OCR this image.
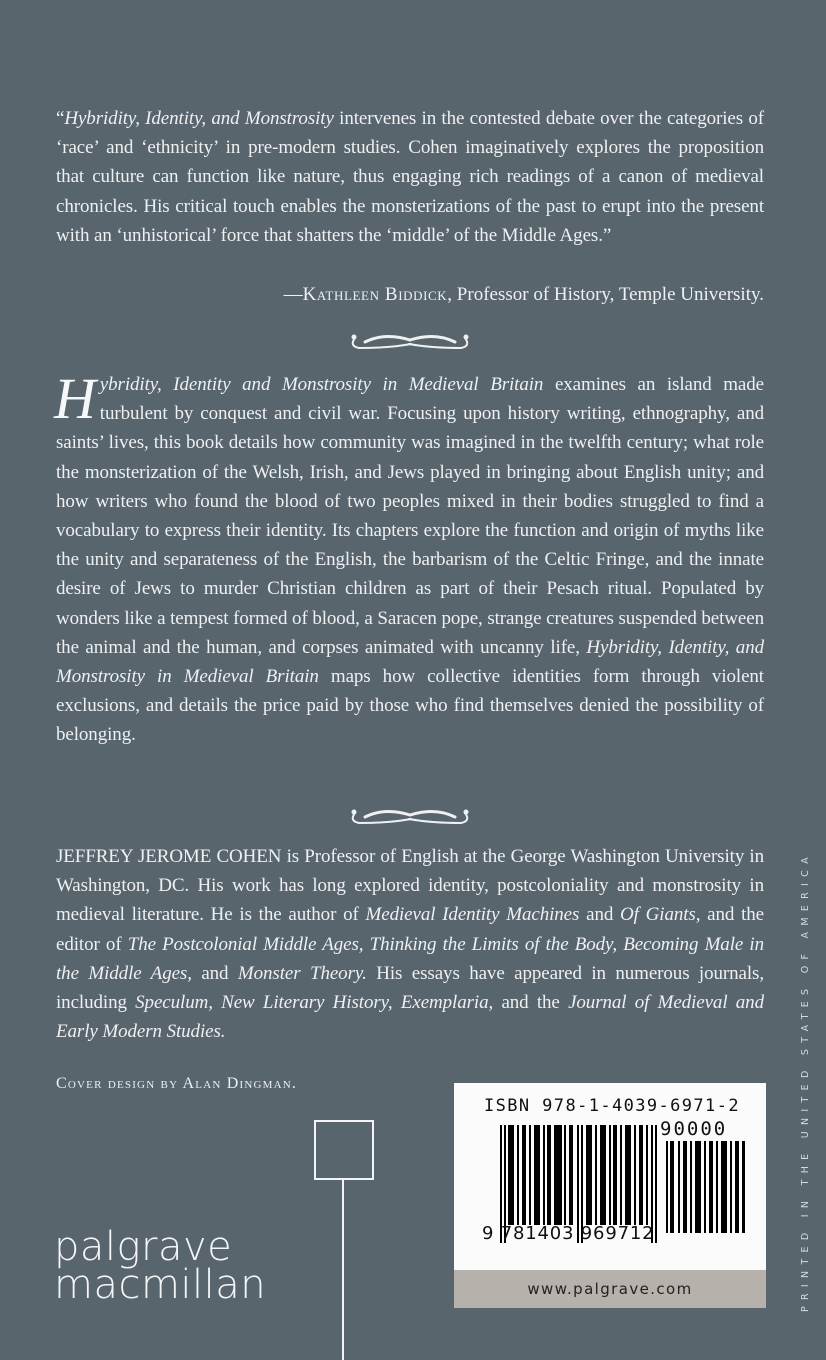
“Hybridity, Identity, and Monstrosity intervenes in the contested debate over the categories of ‘race’ and ‘ethnicity’ in pre-modern studies. Cohen imaginatively explores the proposition that culture can function like nature, thus engaging rich readings of a canon of medieval chronicles. His critical touch enables the monsterizations of the past to erupt into the present with an ‘unhistorical’ force that shatters the ‘middle’ of the Middle Ages.”
—Kathleen Biddick, Professor of History, Temple University.
Hybridity, Identity and Monstrosity in Medieval Britain examines an island made turbulent by conquest and civil war. Focusing upon history writing, ethnography, and saints’ lives, this book details how community was imagined in the twelfth century; what role the monsterization of the Welsh, Irish, and Jews played in bringing about English unity; and how writers who found the blood of two peoples mixed in their bodies struggled to find a vocabulary to express their identity. Its chapters explore the function and origin of myths like the unity and separateness of the English, the barbarism of the Celtic Fringe, and the innate desire of Jews to murder Christian children as part of their Pesach ritual. Populated by wonders like a tempest formed of blood, a Saracen pope, strange creatures suspended between the animal and the human, and corpses animated with uncanny life, Hybridity, Identity, and Monstrosity in Medieval Britain maps how collective identities form through violent exclusions, and details the price paid by those who find themselves denied the possibility of belonging.
JEFFREY JEROME COHEN is Professor of English at the George Washington University in Washington, DC. His work has long explored identity, postcoloniality and monstrosity in medieval literature. He is the author of Medieval Identity Machines and Of Giants, and the editor of The Postcolonial Middle Ages, Thinking the Limits of the Body, Becoming Male in the Middle Ages, and Monster Theory. His essays have appeared in numerous journals, including Speculum, New Literary History, Exemplaria, and the Journal of Medieval and Early Modern Studies.
Cover design by Alan Dingman.
palgrave
macmillan
ISBN 978-1-4039-6971-2
90000
9 781403 969712
www.palgrave.com	PRINTED IN THE UNITED STATES OF AMERICA
